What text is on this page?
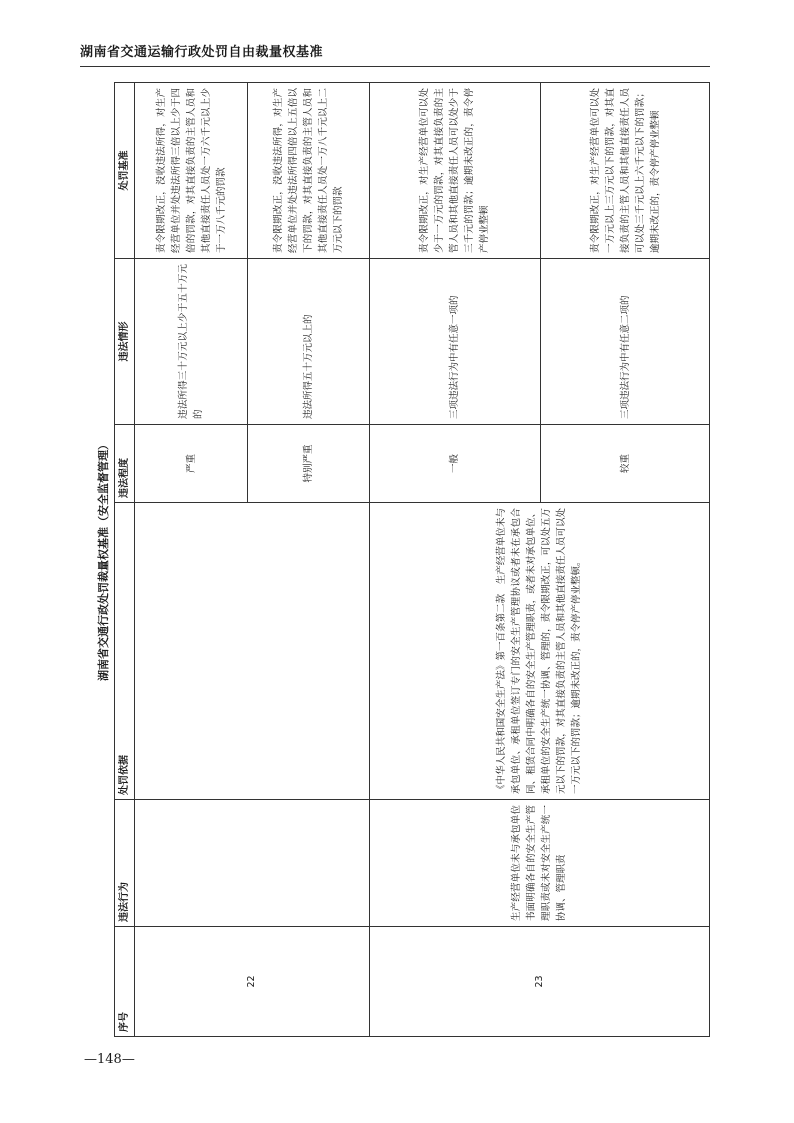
湖南省交通运输行政处罚自由裁量权基准
湖南省交通行政处罚裁量权基准（安全监督管理）
序号	违法行为	处罚依据	违法程度	违法情形	处罚基准
22			严重	违法所得三十万元以上少于五十万元的	责令限期改正，没收违法所得，对生产经营单位并处违法所得三倍以上少于四倍的罚款，对其直接负责的主管人员和其他直接责任人员处一万六千元以上少于一万八千元的罚款
			特别严重	违法所得五十万元以上的	责令限期改正，没收违法所得，对生产经营单位并处违法所得四倍以上五倍以下的罚款，对其直接负责的主管人员和其他直接责任人员处一万八千元以上二万元以下的罚款
23	生产经营单位未与承包单位书面明确各自的安全生产管理职责或未对安全生产统一协调、管理职责	《中华人民共和国安全生产法》第一百条第二款　生产经营单位未与承包单位、承租单位签订专门的安全生产管理协议或者未在承包合同、租赁合同中明确各自的安全生产管理职责，或者未对承包单位、承租单位的安全生产统一协调、管理的，责令限期改正，可以处五万元以下的罚款，对其直接负责的主管人员和其他直接责任人员可以处一万元以下的罚款；逾期未改正的，责令停产停业整顿。	一般	三项违法行为中有任意一项的	责令限期改正，对生产经营单位可以处少于一万元的罚款，对其直接负责的主管人员和其他直接责任人员可以处少于三千元的罚款；逾期未改正的，责令停产停业整顿
			较重	三项违法行为中有任意二项的	责令限期改正，对生产经营单位可以处一万元以上三万元以下的罚款，对其直接负责的主管人员和其他直接责任人员可以处三千元以上六千元以下的罚款；逾期未改正的，责令停产停业整顿
—148—
